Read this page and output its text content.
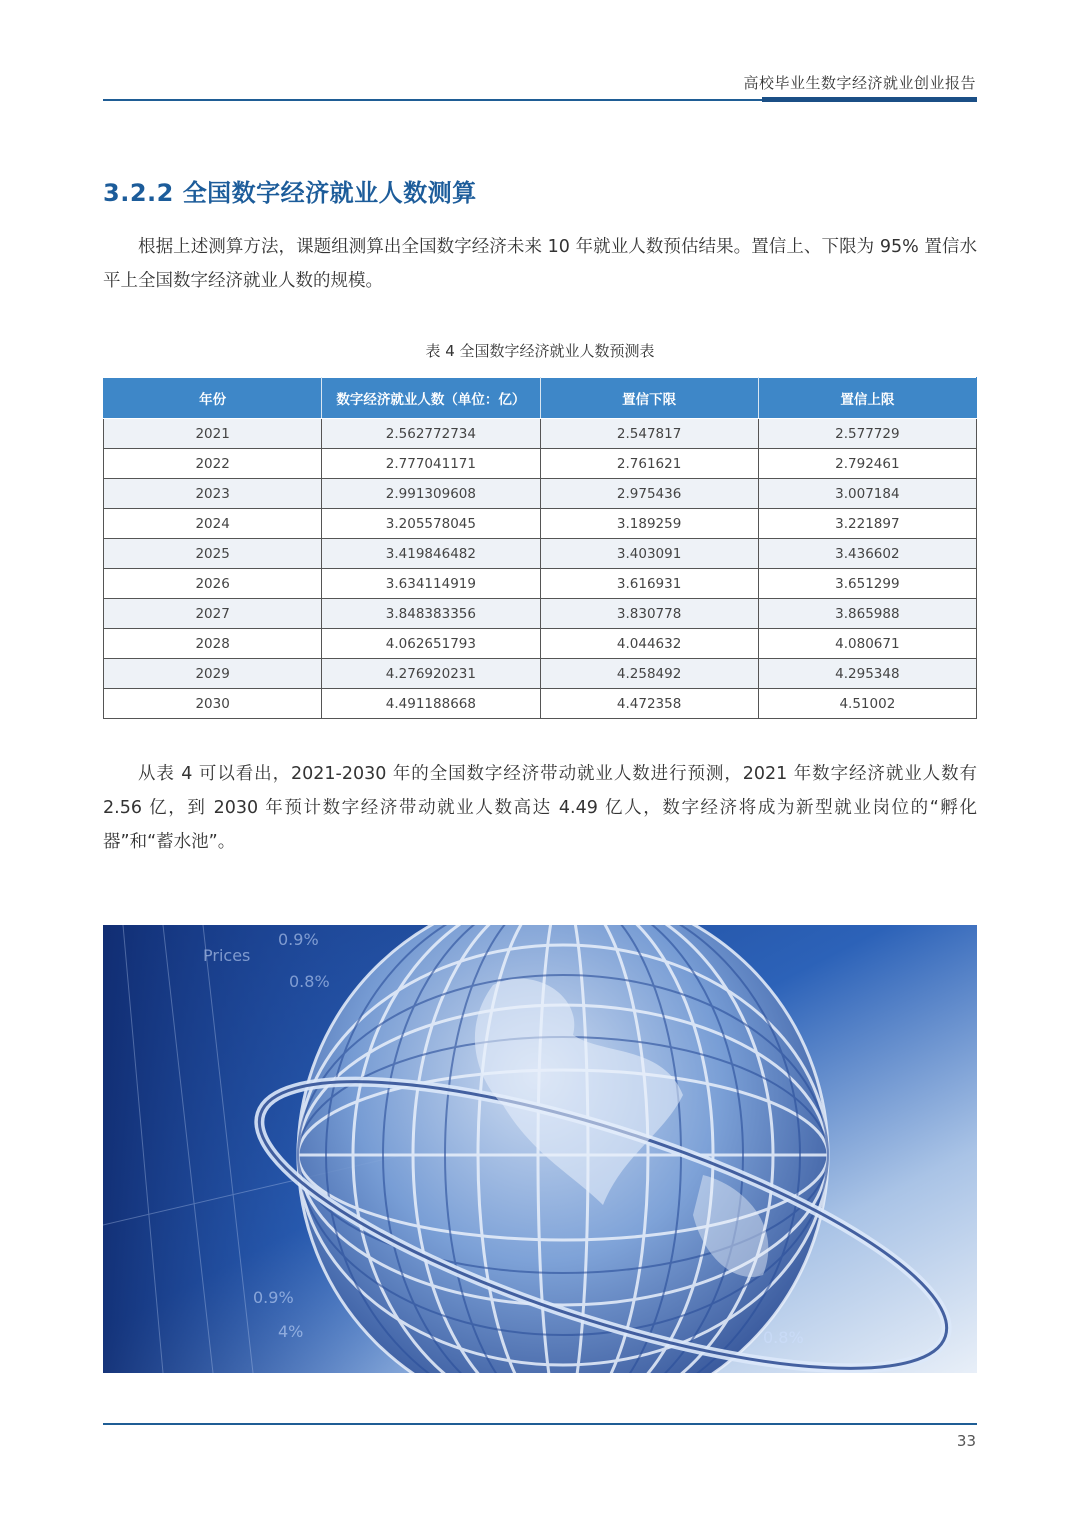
高校毕业生数字经济就业创业报告
3.2.2 全国数字经济就业人数测算
根据上述测算方法，课题组测算出全国数字经济未来 10 年就业人数预估结果。置信上、下限为 95% 置信水平上全国数字经济就业人数的规模。
表 4 全国数字经济就业人数预测表
年份	数字经济就业人数（单位：亿）	置信下限	置信上限
2021	2.562772734	2.547817	2.577729
2022	2.777041171	2.761621	2.792461
2023	2.991309608	2.975436	3.007184
2024	3.205578045	3.189259	3.221897
2025	3.419846482	3.403091	3.436602
2026	3.634114919	3.616931	3.651299
2027	3.848383356	3.830778	3.865988
2028	4.062651793	4.044632	4.080671
2029	4.276920231	4.258492	4.295348
2030	4.491188668	4.472358	4.51002
从表 4 可以看出，2021-2030 年的全国数字经济带动就业人数进行预测，2021 年数字经济就业人数有 2.56 亿，到 2030 年预计数字经济带动就业人数高达 4.49 亿人，数字经济将成为新型就业岗位的“孵化器”和“蓄水池”。
0.9%
0.8%
Prices
0.9%
4%	0.8%
33
